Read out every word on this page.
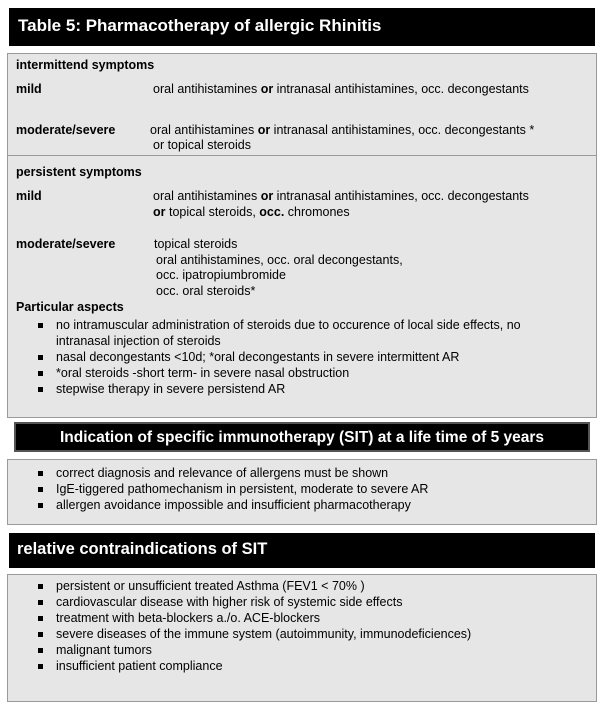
Table 5: Pharmacotherapy of allergic Rhinitis
intermittend symptoms
mild	oral antihistamines or intranasal antihistamines, occ. decongestants
moderate/severe	oral antihistamines or intranasal antihistamines, occ. decongestants *
or topical steroids
persistent symptoms
mild	oral antihistamines or intranasal antihistamines, occ. decongestants
or topical steroids, occ. chromones
moderate/severe	topical steroids
oral antihistamines, occ. oral decongestants,
occ. ipatropiumbromide
occ. oral steroids*
Particular aspects
no intramuscular administration of steroids due to occurence of local side effects, no
intranasal injection of steroids
nasal decongestants <10d; *oral decongestants in severe intermittent AR
*oral steroids -short term- in severe nasal obstruction
stepwise therapy in severe persistend AR
Indication of specific immunotherapy (SIT) at a life time of 5 years
correct diagnosis and relevance of allergens must be shown
IgE-tiggered pathomechanism in persistent, moderate to severe AR
allergen avoidance impossible and insufficient pharmacotherapy
relative contraindications of SIT
persistent or unsufficient treated Asthma (FEV1 < 70% )
cardiovascular disease with higher risk of systemic side effects
treatment with beta-blockers a./o. ACE-blockers
severe diseases of the immune system (autoimmunity, immunodeficiences)
malignant tumors
insufficient patient compliance
